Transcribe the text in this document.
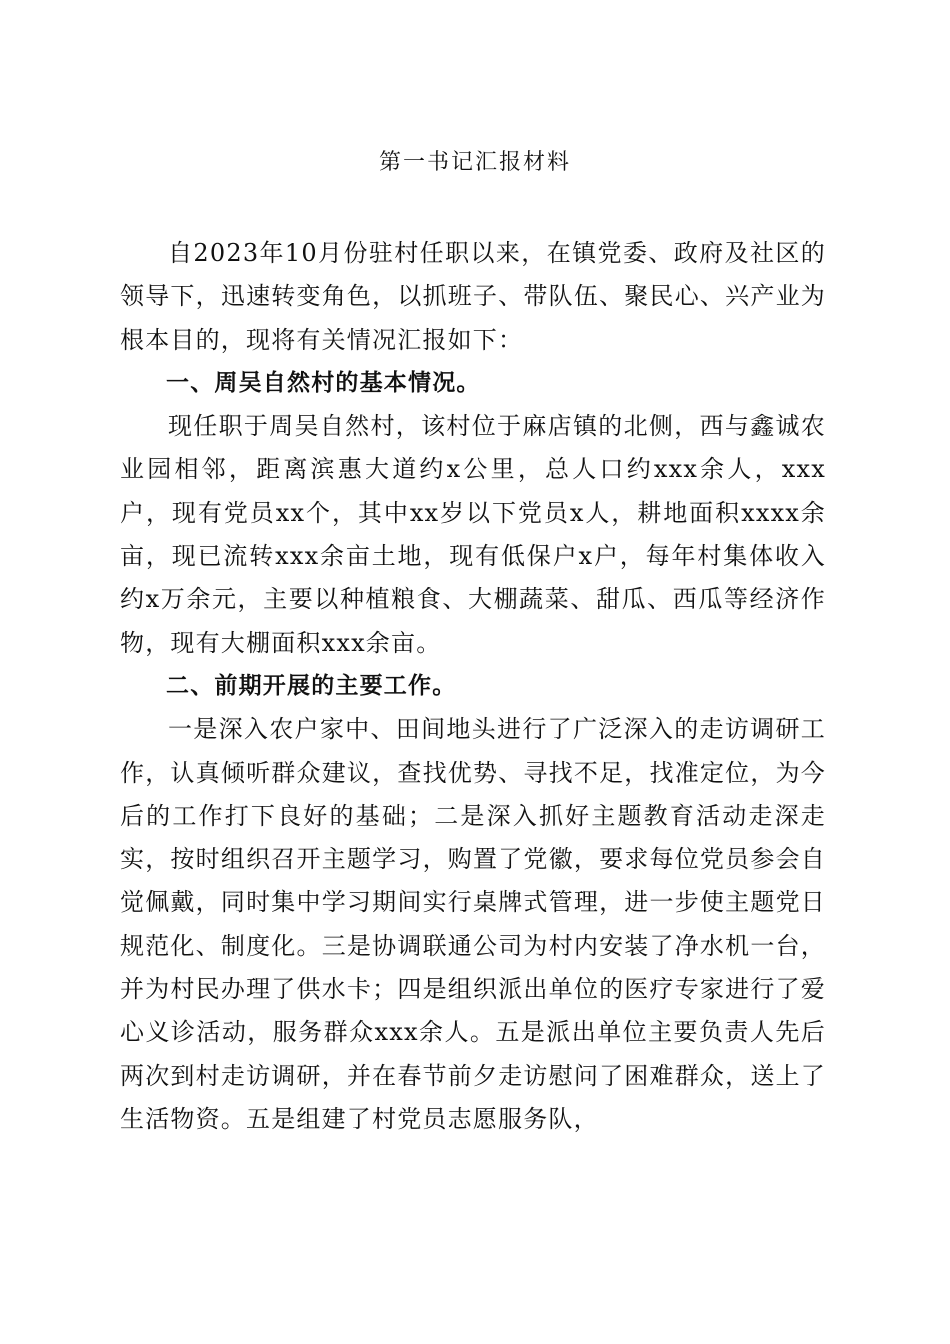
第一书记汇报材料

自2023年10月份驻村任职以来，在镇党委、政府及社区的领导下，迅速转变角色，以抓班子、带队伍、聚民心、兴产业为根本目的，现将有关情况汇报如下：

一、周吴自然村的基本情况。

现任职于周吴自然村，该村位于麻店镇的北侧，西与鑫诚农业园相邻，距离滨惠大道约x公里，总人口约xxx余人，xxx户，现有党员xx个，其中xx岁以下党员x人，耕地面积xxxx余亩，现已流转xxx余亩土地，现有低保户x户，每年村集体收入约x万余元，主要以种植粮食、大棚蔬菜、甜瓜、西瓜等经济作物，现有大棚面积xxx余亩。

二、前期开展的主要工作。

一是深入农户家中、田间地头进行了广泛深入的走访调研工作，认真倾听群众建议，查找优势、寻找不足，找准定位，为今后的工作打下良好的基础；二是深入抓好主题教育活动走深走实，按时组织召开主题学习，购置了党徽，要求每位党员参会自觉佩戴，同时集中学习期间实行桌牌式管理，进一步使主题党日规范化、制度化。三是协调联通公司为村内安装了净水机一台，并为村民办理了供水卡；四是组织派出单位的医疗专家进行了爱心义诊活动，服务群众xxx余人。五是派出单位主要负责人先后两次到村走访调研，并在春节前夕走访慰问了困难群众，送上了生活物资。五是组建了村党员志愿服务队，
